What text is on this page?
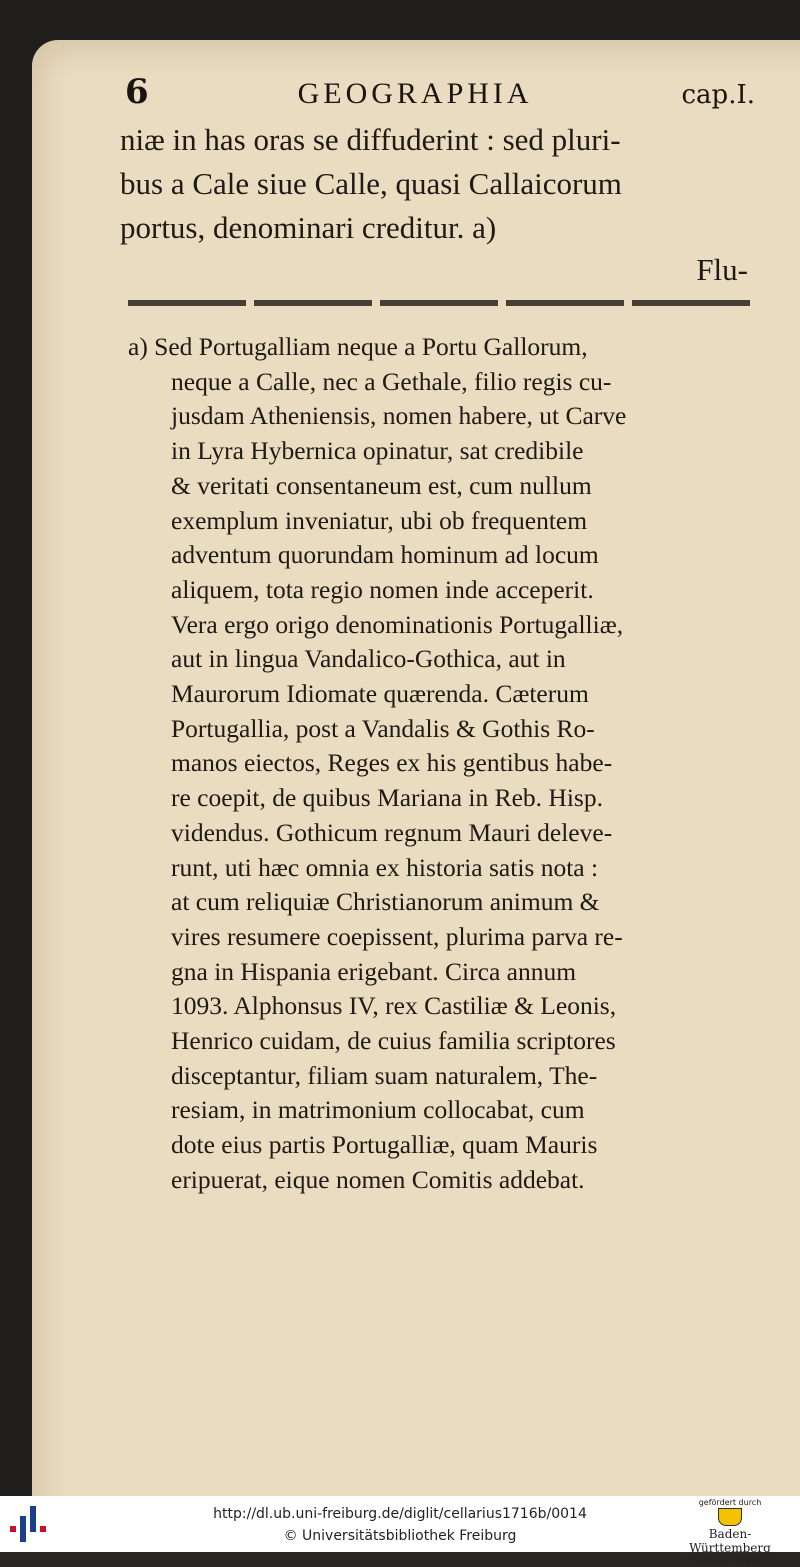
6	GEOGRAPHIA	cap.I.
niæ in has oras se diffuderint : sed pluri-
bus a Cale siue Calle, quasi Callaicorum
portus, denominari creditur. a)
Flu-
a) Sed Portugalliam neque a Portu Gallorum,
neque a Calle, nec a Gethale, filio regis cu-
jusdam Atheniensis, nomen habere, ut Carve
in Lyra Hybernica opinatur, sat credibile
& veritati consentaneum est, cum nullum
exemplum inveniatur, ubi ob frequentem
adventum quorundam hominum ad locum
aliquem, tota regio nomen inde acceperit.
Vera ergo origo denominationis Portugalliæ,
aut in lingua Vandalico-Gothica, aut in
Maurorum Idiomate quærenda. Cæterum
Portugallia, post a Vandalis & Gothis Ro-
manos eiectos, Reges ex his gentibus habe-
re coepit, de quibus Mariana in Reb. Hisp.
videndus. Gothicum regnum Mauri deleve-
runt, uti hæc omnia ex historia satis nota :
at cum reliquiæ Christianorum animum &
vires resumere coepissent, plurima parva re-
gna in Hispania erigebant. Circa annum
1093. Alphonsus IV, rex Castiliæ & Leonis,
Henrico cuidam, de cuius familia scriptores
disceptantur, filiam suam naturalem, The-
resiam, in matrimonium collocabat, cum
dote eius partis Portugalliæ, quam Mauris
eripuerat, eique nomen Comitis addebat.
http://dl.ub.uni-freiburg.de/diglit/cellarius1716b/0014
© Universitätsbibliothek Freiburg
gefördert durch
Baden-Württemberg
MINISTERIUM FÜR WISSENSCHAFT, FORSCHUNG UND KUNST
